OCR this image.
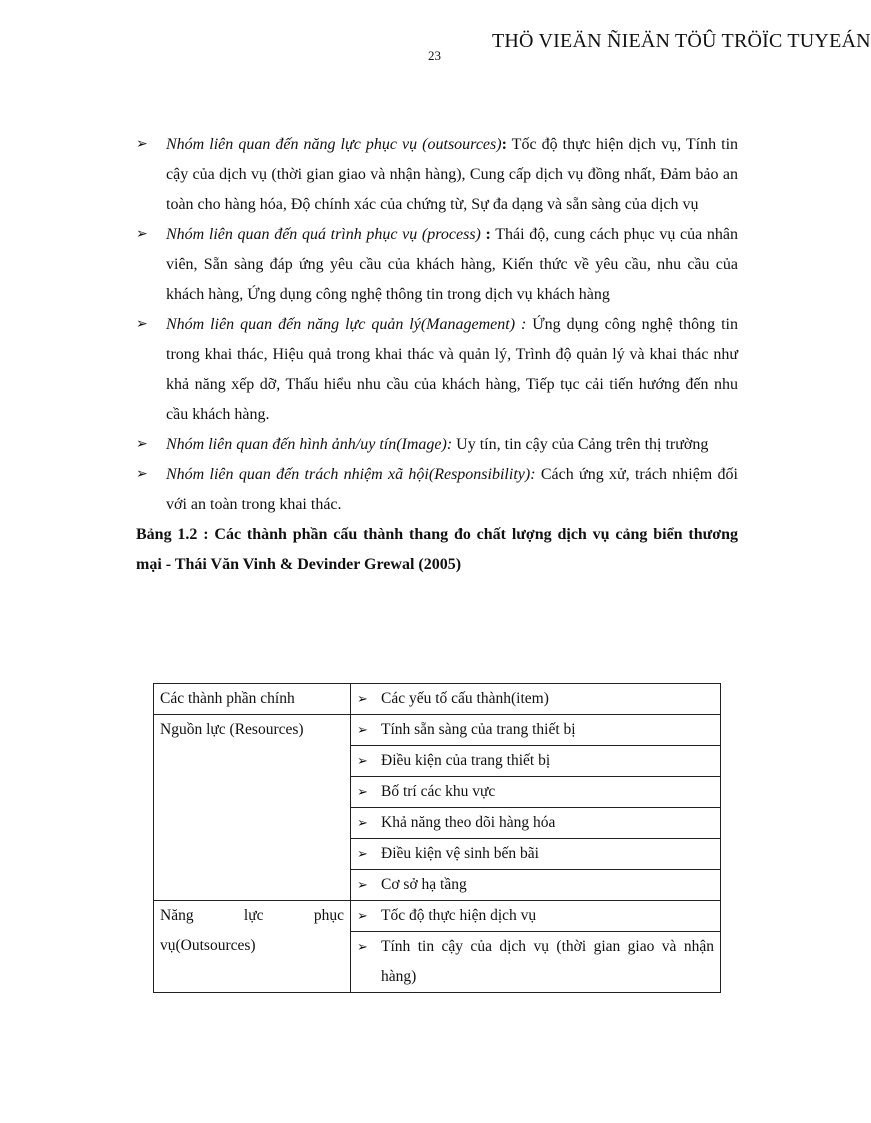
THÖ VIEÄN ÑIEÄN TÖÛ TRÖÏC TUYEÁN
23
➢ Nhóm liên quan đến năng lực phục vụ (outsources): Tốc độ thực hiện dịch vụ, Tính tin cậy của dịch vụ (thời gian giao và nhận hàng), Cung cấp dịch vụ đồng nhất, Đảm bảo an toàn cho hàng hóa, Độ chính xác của chứng từ, Sự đa dạng và sẵn sàng của dịch vụ
➢ Nhóm liên quan đến quá trình phục vụ (process) : Thái độ, cung cách phục vụ của nhân viên, Sẵn sàng đáp ứng yêu cầu của khách hàng, Kiến thức về yêu cầu, nhu cầu của khách hàng, Ứng dụng công nghệ thông tin trong dịch vụ khách hàng
➢ Nhóm liên quan đến năng lực quản lý(Management) : Ứng dụng công nghệ thông tin trong khai thác, Hiệu quả trong khai thác và quản lý, Trình độ quản lý và khai thác như khả năng xếp dỡ, Thấu hiểu nhu cầu của khách hàng, Tiếp tục cải tiến hướng đến nhu cầu khách hàng.
➢ Nhóm liên quan đến hình ảnh/uy tín(Image): Uy tín, tin cậy của Cảng trên thị trường
➢ Nhóm liên quan đến trách nhiệm xã hội(Responsibility): Cách ứng xử, trách nhiệm đối với an toàn trong khai thác.
Bảng 1.2 : Các thành phần cấu thành thang đo chất lượng dịch vụ cảng biển thương mại - Thái Văn Vinh & Devinder Grewal (2005)
Các thành phần chính	➢ Các yếu tố cấu thành(item)

Nguồn lực (Resources)	➢ Tính sẵn sàng của trang thiết bị

	➢ Điều kiện của trang thiết bị

	➢ Bố trí các khu vực

	➢ Khả năng theo dõi hàng hóa

	➢ Điều kiện vệ sinh bến bãi

	➢ Cơ sở hạ tầng

Năng lực phục
vụ(Outsources)	➢ Tốc độ thực hiện dịch vụ

	➢ Tính tin cậy của dịch vụ (thời gian giao và nhận hàng)
